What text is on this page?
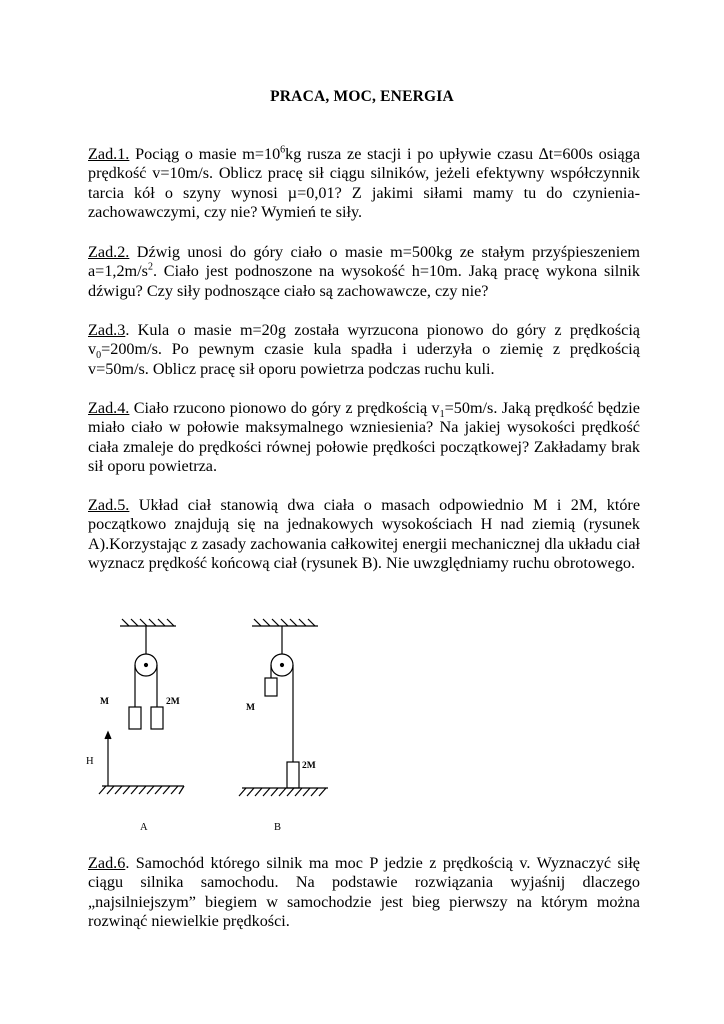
PRACA, MOC, ENERGIA
Zad.1. Pociąg o masie $m=10^6kg$ rusza ze stacji i po upływie czasu ∆t=600s osiąga prędkość v=10m/s. Oblicz pracę sił ciągu silników, jeżeli efektywny współczynnik tarcia kół o szyny wynosi µ=0,01? Z jakimi siłami mamy tu do czynienia- zachowawczymi, czy nie? Wymień te siły.
Zad.2. Dźwig unosi do góry ciało o masie m=500kg ze stałym przyśpieszeniem $a=1,2m/s^2$. Ciało jest podnoszone na wysokość h=10m. Jaką pracę wykona silnik dźwigu? Czy siły podnoszące ciało są zachowawcze, czy nie?
Zad.3. Kula o masie m=20g została wyrzucona pionowo do góry z prędkością $v_0=200m/s$. Po pewnym czasie kula spadła i uderzyła o ziemię z prędkością v=50m/s. Oblicz pracę sił oporu powietrza podczas ruchu kuli.
Zad.4. Ciało rzucono pionowo do góry z prędkością $v_1=50m/s$. Jaką prędkość będzie miało ciało w połowie maksymalnego wzniesienia? Na jakiej wysokości prędkość ciała zmaleje do prędkości równej połowie prędkości początkowej? Zakładamy brak sił oporu powietrza.
Zad.5. Układ ciał stanowią dwa ciała o masach odpowiednio M i 2M, które początkowo znajdują się na jednakowych wysokościach H nad ziemią (rysunek A).Korzystając z zasady zachowania całkowitej energii mechanicznej dla układu ciał wyznacz prędkość końcową ciał (rysunek B). Nie uwzględniamy ruchu obrotowego.
M	2M
H
A
M
2M
B
Zad.6. Samochód którego silnik ma moc P jedzie z prędkością v. Wyznaczyć siłę ciągu silnika samochodu. Na podstawie rozwiązania wyjaśnij dlaczego „najsilniejszym” biegiem w samochodzie jest bieg pierwszy na którym można rozwinąć niewielkie prędkości.
